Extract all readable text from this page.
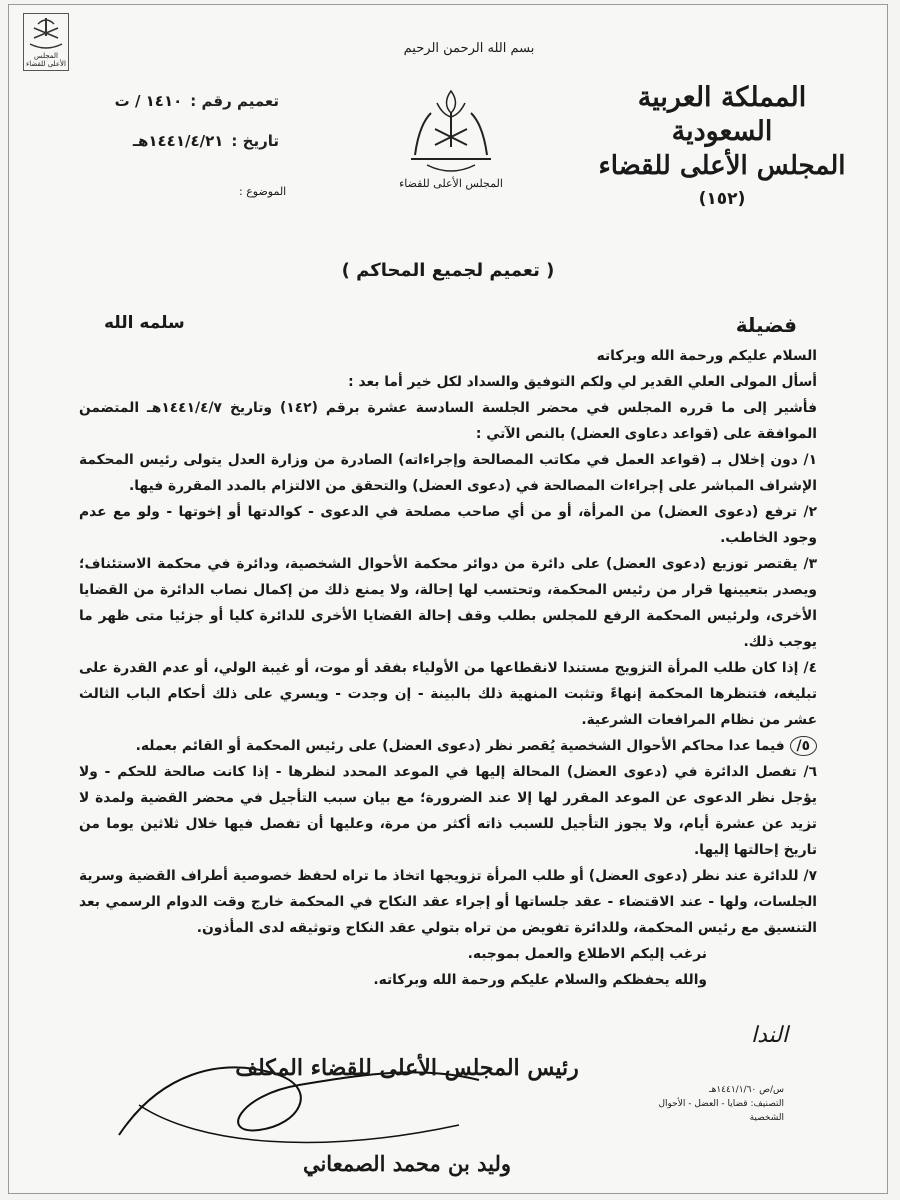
المجلس الأعلى للقضاء
بسم الله الرحمن الرحيم
المجلس الأعلى للقضاء
المملكة العربية السعودية
المجلس الأعلى للقضاء
(١٥٢)
تعميم رقم :
١٤١٠ / ت
تاريخ :
١٤٤١/٤/٢١هـ
الموضوع :
( تعميم لجميع المحاكم )
فضيلة
سلمه الله

السلام عليكم ورحمة الله وبركاته

أسأل المولى العلي القدير لي ولكم التوفيق والسداد لكل خير أما بعد :

فأشير إلى ما قرره المجلس في محضر الجلسة السادسة عشرة برقم (١٤٢) وتاريخ ١٤٤١/٤/٧هـ المتضمن الموافقة على (قواعد دعاوى العضل) بالنص الآتي :

١/ دون إخلال بـ (قواعد العمل في مكاتب المصالحة وإجراءاته) الصادرة من وزارة العدل يتولى رئيس المحكمة الإشراف المباشر على إجراءات المصالحة في (دعوى العضل) والتحقق من الالتزام بالمدد المقررة فيها.

٢/ ترفع (دعوى العضل) من المرأة، أو من أي صاحب مصلحة في الدعوى - كوالدتها أو إخوتها - ولو مع عدم وجود الخاطب.

٣/ يقتصر توزيع (دعوى العضل) على دائرة من دوائر محكمة الأحوال الشخصية، ودائرة في محكمة الاستئناف؛ ويصدر بتعيينها قرار من رئيس المحكمة، وتحتسب لها إحالة، ولا يمنع ذلك من إكمال نصاب الدائرة من القضايا الأخرى، ولرئيس المحكمة الرفع للمجلس بطلب وقف إحالة القضايا الأخرى للدائرة كليا أو جزئيا متى ظهر ما يوجب ذلك.

٤/ إذا كان طلب المرأة التزويج مستندا لانقطاعها من الأولياء بفقد أو موت، أو غيبة الولي، أو عدم القدرة على تبليغه، فتنظرها المحكمة إنهاءً وتثبت المنهية ذلك بالبينة - إن وجدت - ويسري على ذلك أحكام الباب الثالث عشر من نظام المرافعات الشرعية.

٥/ فيما عدا محاكم الأحوال الشخصية يُقصر نظر (دعوى العضل) على رئيس المحكمة أو القائم بعمله.

٦/ تفصل الدائرة في (دعوى العضل) المحالة إليها في الموعد المحدد لنظرها - إذا كانت صالحة للحكم - ولا يؤجل نظر الدعوى عن الموعد المقرر لها إلا عند الضرورة؛ مع بيان سبب التأجيل في محضر القضية ولمدة لا تزيد عن عشرة أيام، ولا يجوز التأجيل للسبب ذاته أكثر من مرة، وعليها أن تفصل فيها خلال ثلاثين يوما من تاريخ إحالتها إليها.

٧/ للدائرة عند نظر (دعوى العضل) أو طلب المرأة تزويجها اتخاذ ما تراه لحفظ خصوصية أطراف القضية وسرية الجلسات، ولها - عند الاقتضاء - عقد جلساتها أو إجراء عقد النكاح في المحكمة خارج وقت الدوام الرسمي بعد التنسيق مع رئيس المحكمة، وللدائرة تفويض من تراه بتولي عقد النكاح وتوثيقه لدى المأذون.

نرغب إليكم الاطلاع والعمل بموجبه.

والله يحفظكم والسلام عليكم ورحمة الله وبركاته.

الندا
رئيس المجلس الأعلى للقضاء المكلف
وليد بن محمد الصمعاني
س/ص ١٤٤١/١/٦٠هـ
التصنيف: قضايا - العضل - الأحوال الشخصية
